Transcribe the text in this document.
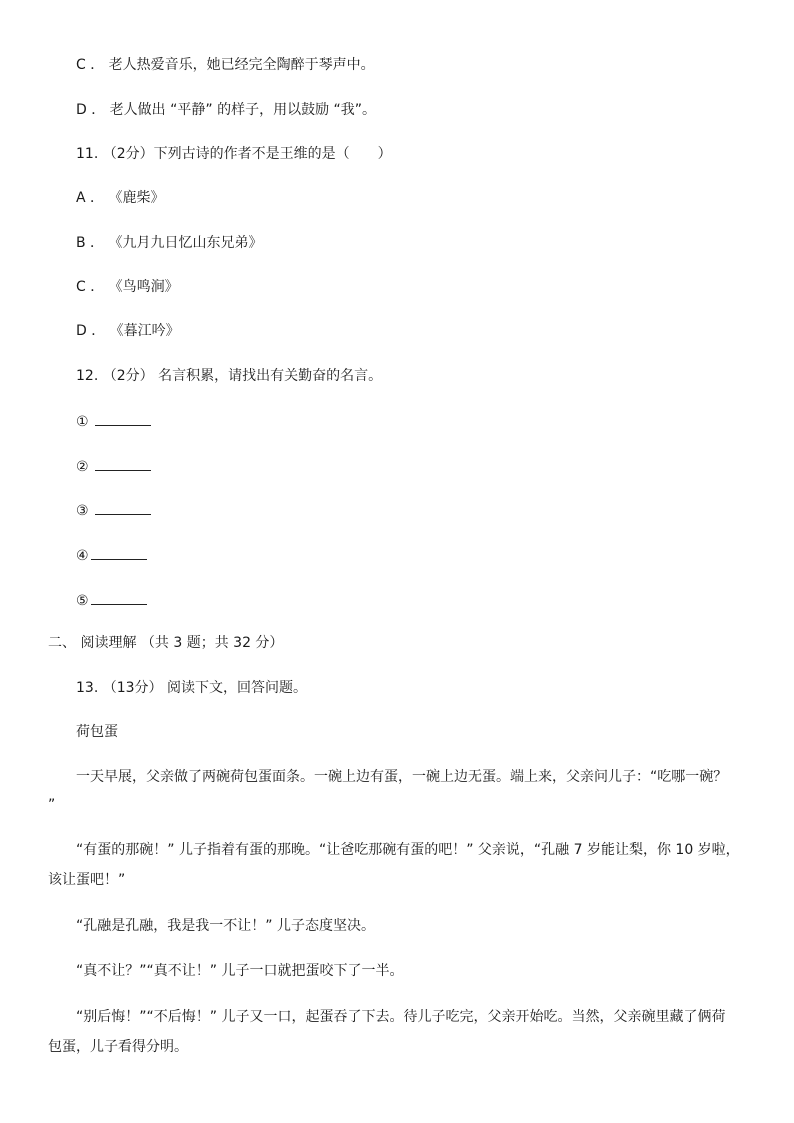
C ． 老人热爱音乐，她已经完全陶醉于琴声中。
D ． 老人做出 “平静” 的样子，用以鼓励 “我”。
11. （2分）下列古诗的作者不是王维的是（　　）
A ． 《鹿柴》
B ． 《九月九日忆山东兄弟》
C ． 《鸟鸣涧》
D ． 《暮江吟》
12. （2分） 名言积累，请找出有关勤奋的名言。
①
②
③
④
⑤
二、 阅读理解 （共 3 题；共 32 分）
13. （13分） 阅读下文，回答问题。
荷包蛋
一天早展，父亲做了两碗荷包蛋面条。一碗上边有蛋，一碗上边无蛋。端上来，父亲问儿子：“吃哪一碗？
”
“有蛋的那碗！” 儿子指着有蛋的那晚。“让爸吃那碗有蛋的吧！” 父亲说，“孔融 7 岁能让梨，你 10 岁啦，
该让蛋吧！”
“孔融是孔融，我是我一不让！” 儿子态度坚决。
“真不让？”“真不让！” 儿子一口就把蛋咬下了一半。
“别后悔！”“不后悔！” 儿子又一口，起蛋吞了下去。待儿子吃完，父亲开始吃。当然，父亲碗里藏了俩荷
包蛋，儿子看得分明。
